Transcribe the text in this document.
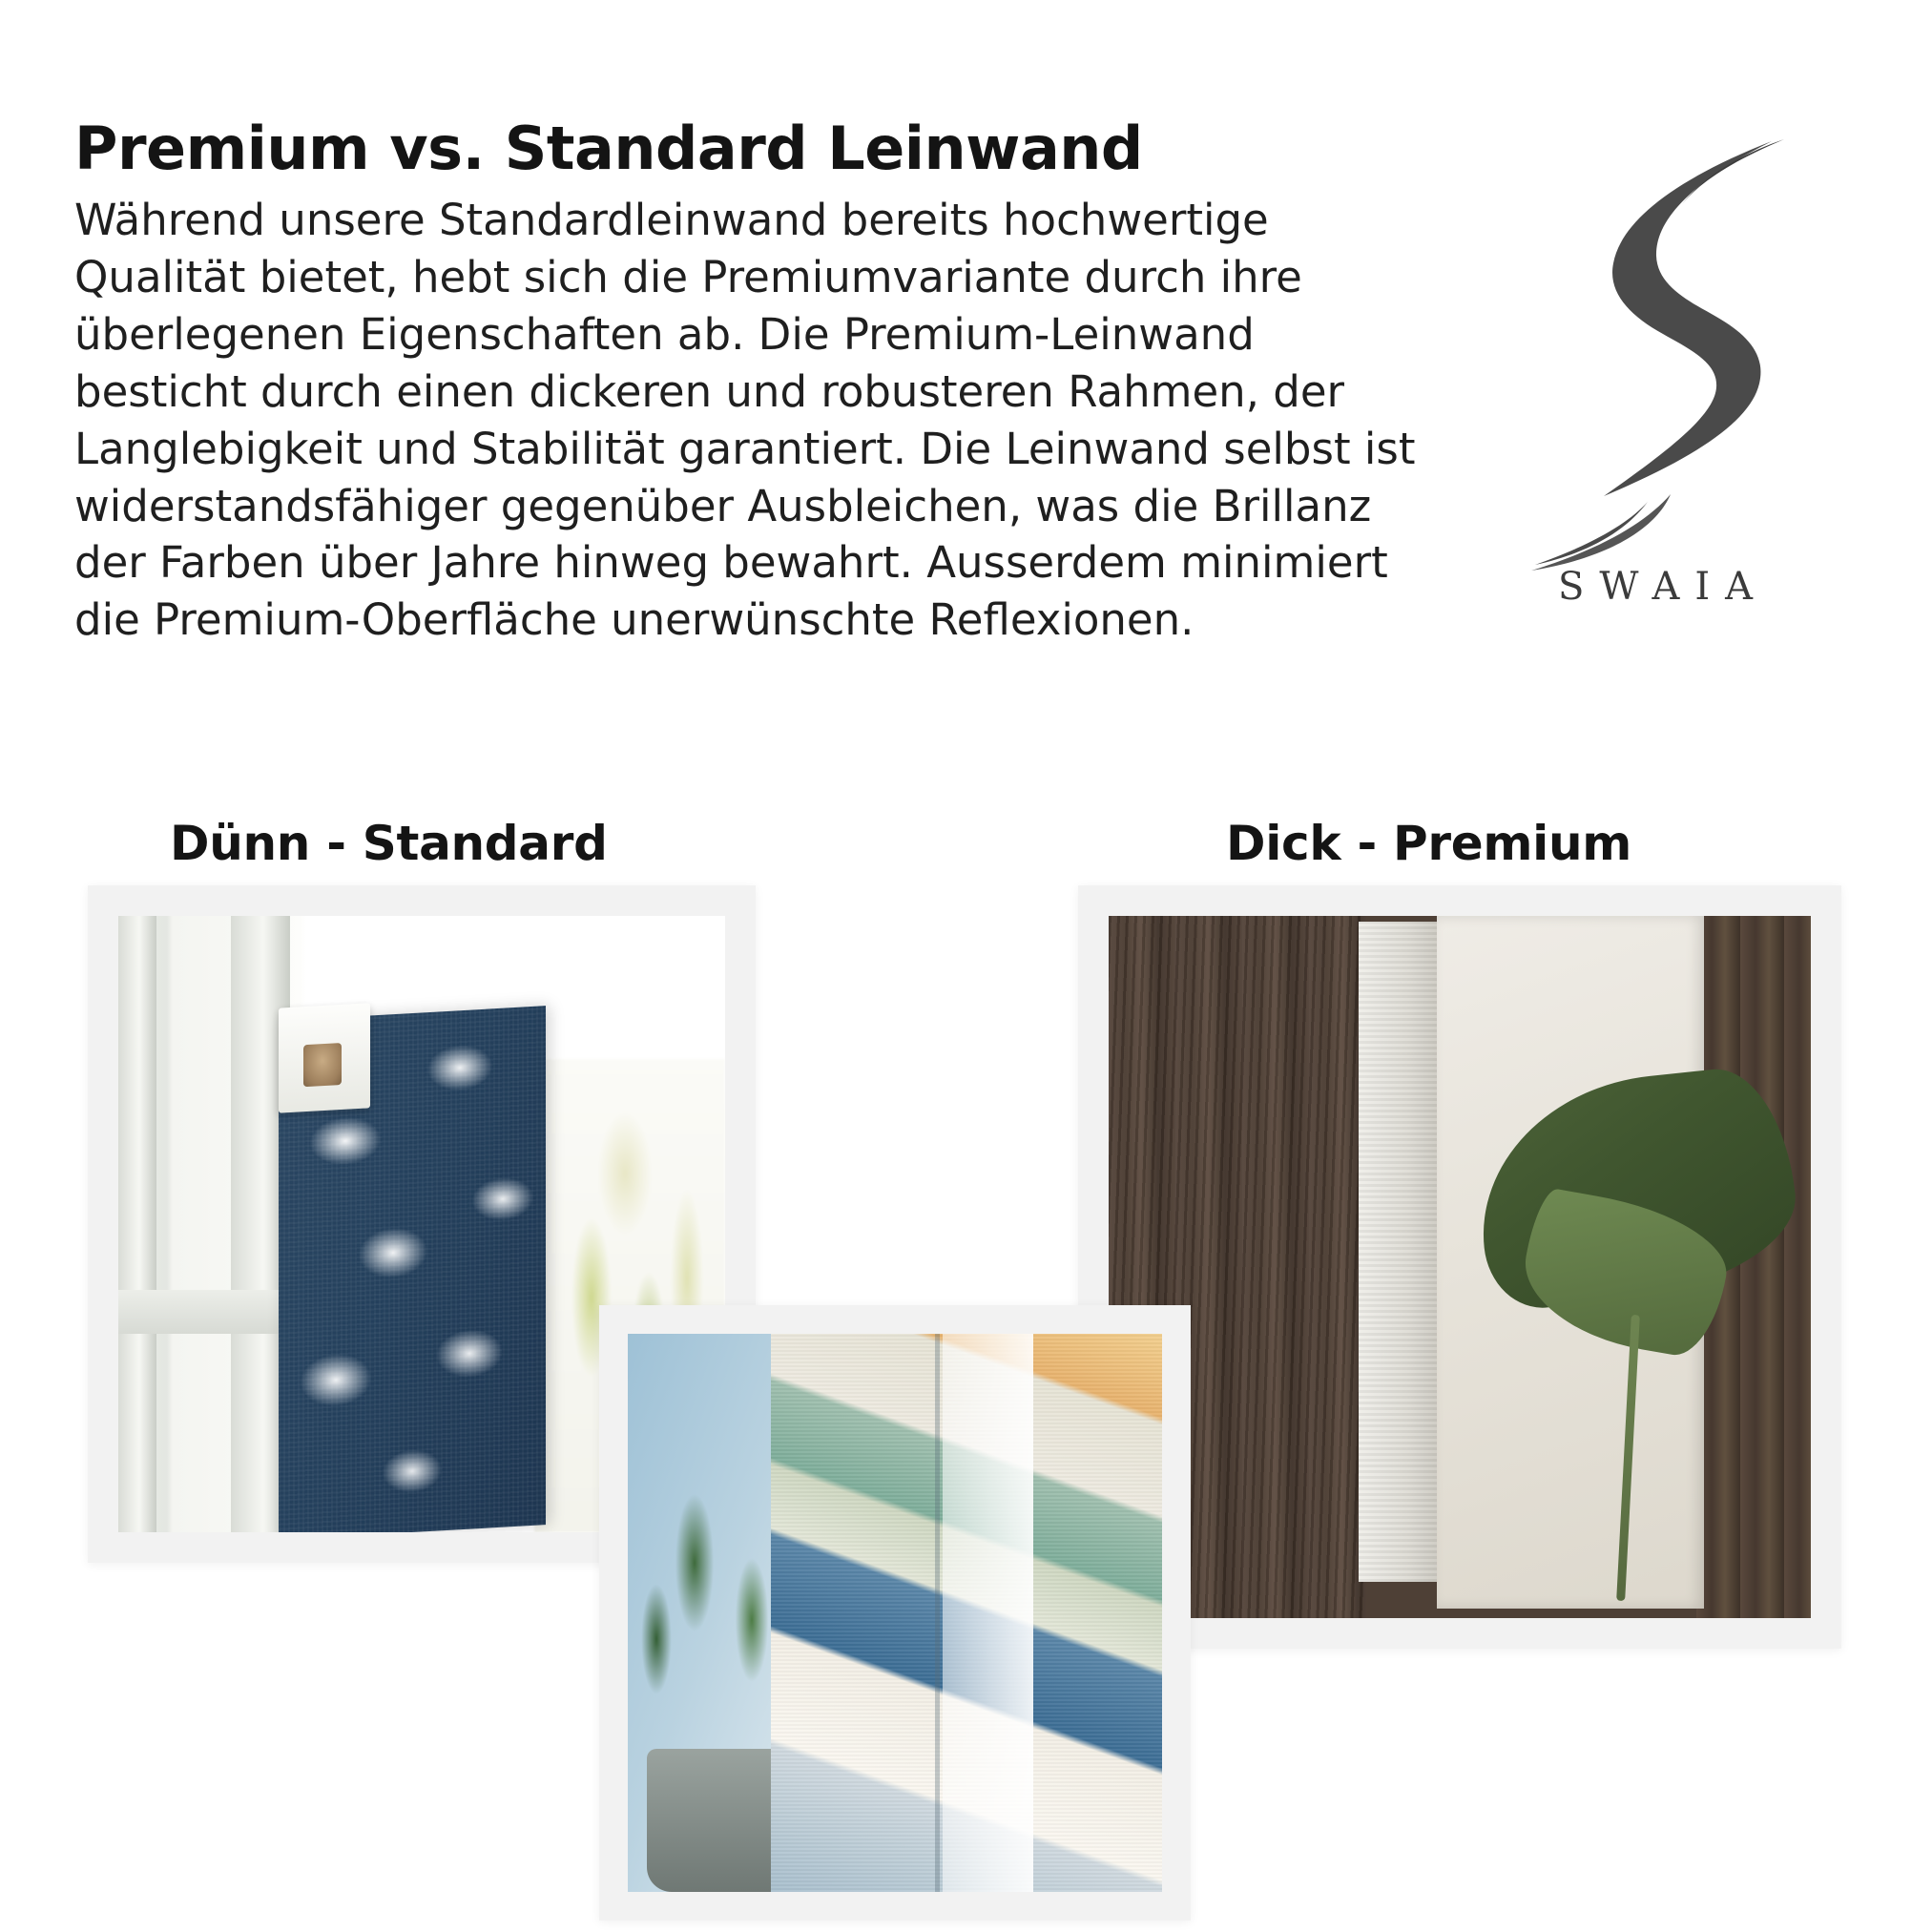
Premium vs. Standard Leinwand

Während unsere Standardleinwand bereits hochwertige Qualität bietet, hebt sich die Premiumvariante durch ihre überlegenen Eigenschaften ab. Die Premium-Leinwand besticht durch einen dickeren und robusteren Rahmen, der Langlebigkeit und Stabilität garantiert. Die Leinwand selbst ist widerstandsfähiger gegenüber Ausbleichen, was die Brillanz der Farben über Jahre hinweg bewahrt. Ausserdem minimiert die Premium-Oberfläche unerwünschte Reflexionen.

SWAIA
Dünn - Standard	Dick - Premium
